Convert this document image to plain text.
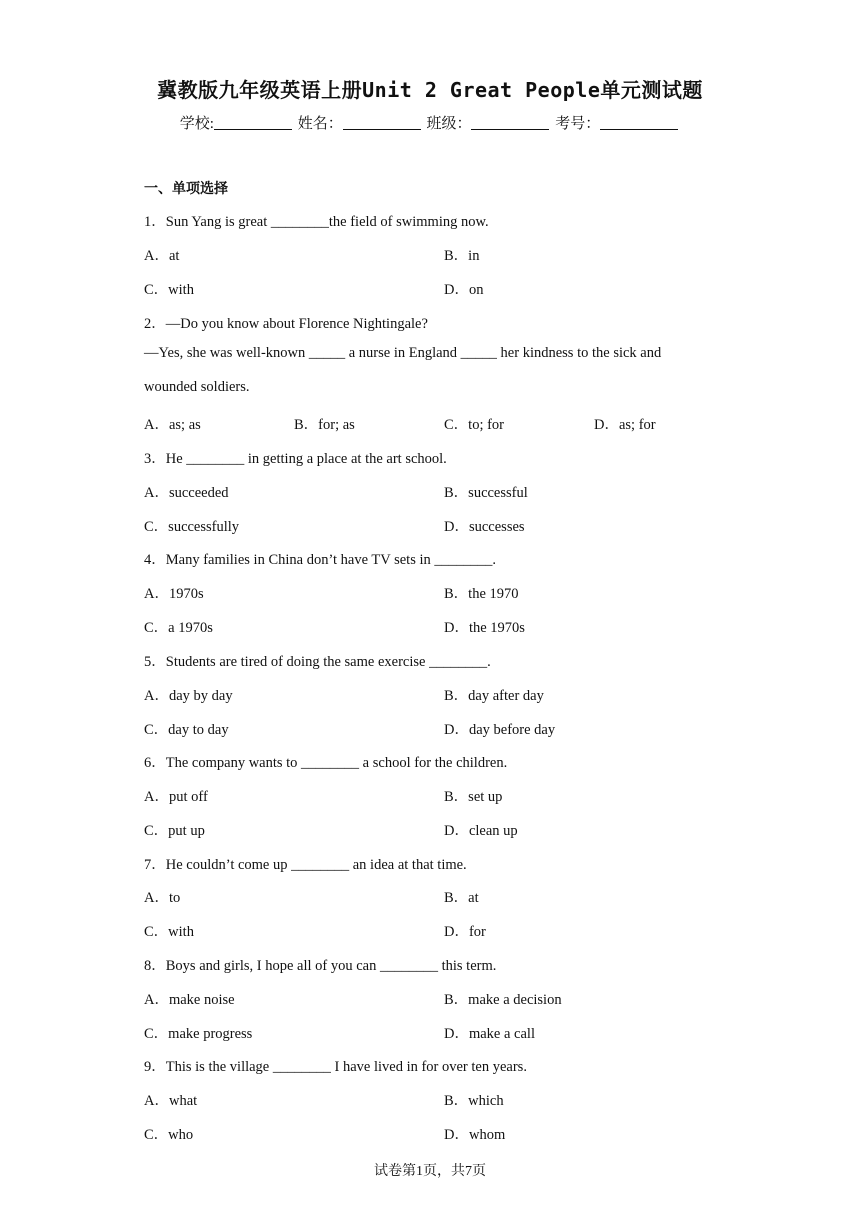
冀教版九年级英语上册Unit 2 Great People单元测试题
学校:	姓名：	班级：	考号：
一、单项选择
1．Sun Yang is great ________the field of swimming now.
A．at	B．in
C．with	D．on
2．—Do you know about Florence Nightingale?
—Yes, she was well-known _____ a nurse in England _____ her kindness to the sick and
wounded soldiers.
A．as; as	B．for; as	C．to; for	D．as; for
3．He ________ in getting a place at the art school.
A．succeeded	B．successful
C．successfully	D．successes
4．Many families in China don’t have TV sets in ________.
A．1970s	B．the 1970
C．a 1970s	D．the 1970s
5．Students are tired of doing the same exercise ________.
A．day by day	B．day after day
C．day to day	D．day before day
6．The company wants to ________ a school for the children.
A．put off	B．set up
C．put up	D．clean up
7．He couldn’t come up ________ an idea at that time.
A．to	B．at
C．with	D．for
8．Boys and girls, I hope all of you can ________ this term.
A．make noise	B．make a decision
C．make progress	D．make a call
9．This is the village ________ I have lived in for over ten years.
A．what	B．which
C．who	D．whom
试卷第1页，共7页
